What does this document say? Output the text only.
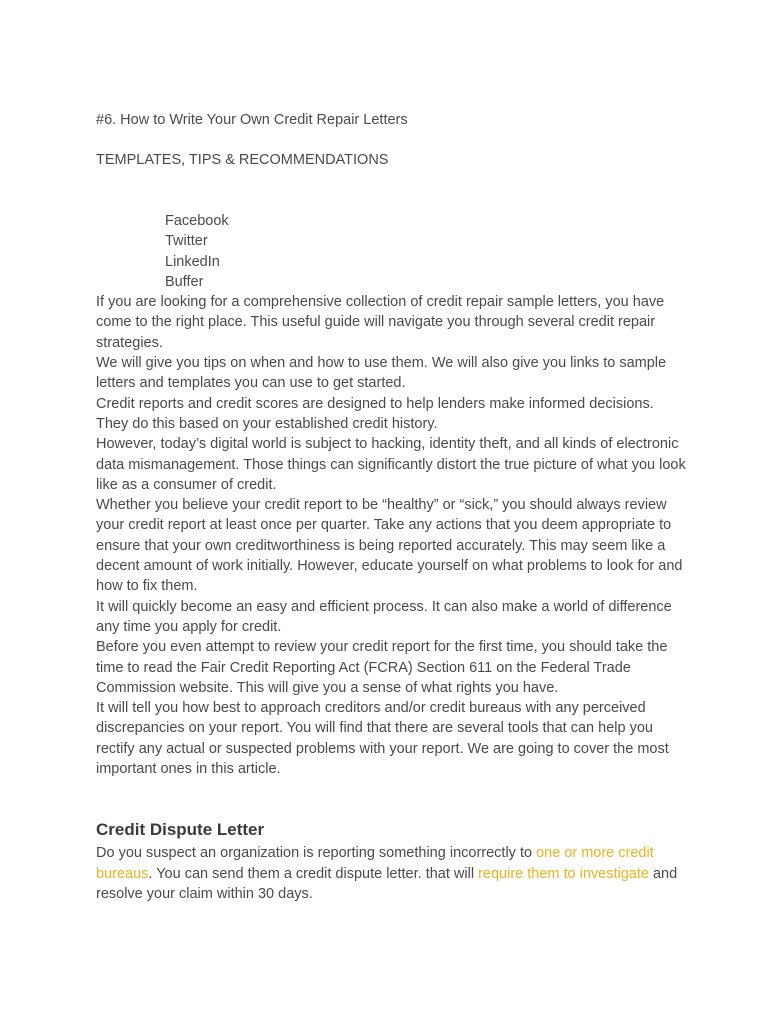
#6. How to Write Your Own Credit Repair Letters
TEMPLATES, TIPS & RECOMMENDATIONS
Facebook
Twitter
LinkedIn
Buffer

If you are looking for a comprehensive collection of credit repair sample letters, you have come to the right place. This useful guide will navigate you through several credit repair strategies.

We will give you tips on when and how to use them. We will also give you links to sample letters and templates you can use to get started.

Credit reports and credit scores are designed to help lenders make informed decisions. They do this based on your established credit history.

However, today’s digital world is subject to hacking, identity theft, and all kinds of electronic data mismanagement. Those things can significantly distort the true picture of what you look like as a consumer of credit.

Whether you believe your credit report to be “healthy” or “sick,” you should always review your credit report at least once per quarter. Take any actions that you deem appropriate to ensure that your own creditworthiness is being reported accurately. This may seem like a decent amount of work initially. However, educate yourself on what problems to look for and how to fix them.

It will quickly become an easy and efficient process. It can also make a world of difference any time you apply for credit.

Before you even attempt to review your credit report for the first time, you should take the time to read the Fair Credit Reporting Act (FCRA) Section 611 on the Federal Trade Commission website. This will give you a sense of what rights you have.

It will tell you how best to approach creditors and/or credit bureaus with any perceived discrepancies on your report. You will find that there are several tools that can help you rectify any actual or suspected problems with your report. We are going to cover the most important ones in this article.

Credit Dispute Letter

Do you suspect an organization is reporting something incorrectly to one or more credit bureaus. You can send them a credit dispute letter. that will require them to investigate and resolve your claim within 30 days.
